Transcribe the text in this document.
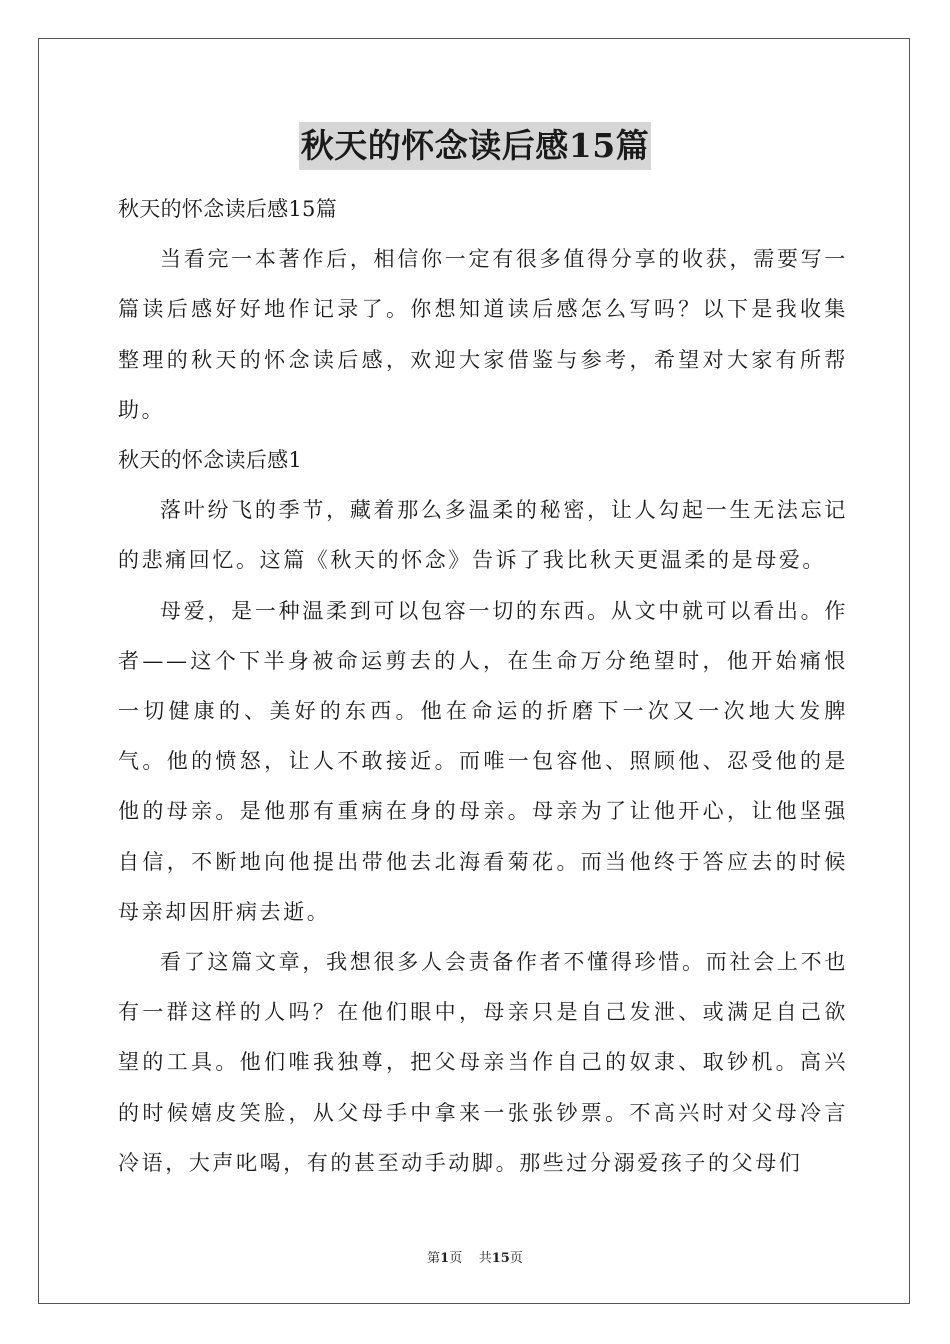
秋天的怀念读后感15篇

秋天的怀念读后感15篇

当看完一本著作后，相信你一定有很多值得分享的收获，需要写一篇读后感好好地作记录了。你想知道读后感怎么写吗？以下是我收集整理的秋天的怀念读后感，欢迎大家借鉴与参考，希望对大家有所帮助。

秋天的怀念读后感1

落叶纷飞的季节，藏着那么多温柔的秘密，让人勾起一生无法忘记的悲痛回忆。这篇《秋天的怀念》告诉了我比秋天更温柔的是母爱。

母爱，是一种温柔到可以包容一切的东西。从文中就可以看出。作者——这个下半身被命运剪去的人，在生命万分绝望时，他开始痛恨一切健康的、美好的东西。他在命运的折磨下一次又一次地大发脾气。他的愤怒，让人不敢接近。而唯一包容他、照顾他、忍受他的是他的母亲。是他那有重病在身的母亲。母亲为了让他开心，让他坚强自信，不断地向他提出带他去北海看菊花。而当他终于答应去的时候母亲却因肝病去逝。

看了这篇文章，我想很多人会责备作者不懂得珍惜。而社会上不也有一群这样的人吗？在他们眼中，母亲只是自己发泄、或满足自己欲望的工具。他们唯我独尊，把父母亲当作自己的奴隶、取钞机。高兴的时候嬉皮笑脸，从父母手中拿来一张张钞票。不高兴时对父母冷言冷语，大声叱喝，有的甚至动手动脚。那些过分溺爱孩子的父母们

第1页 共15页
